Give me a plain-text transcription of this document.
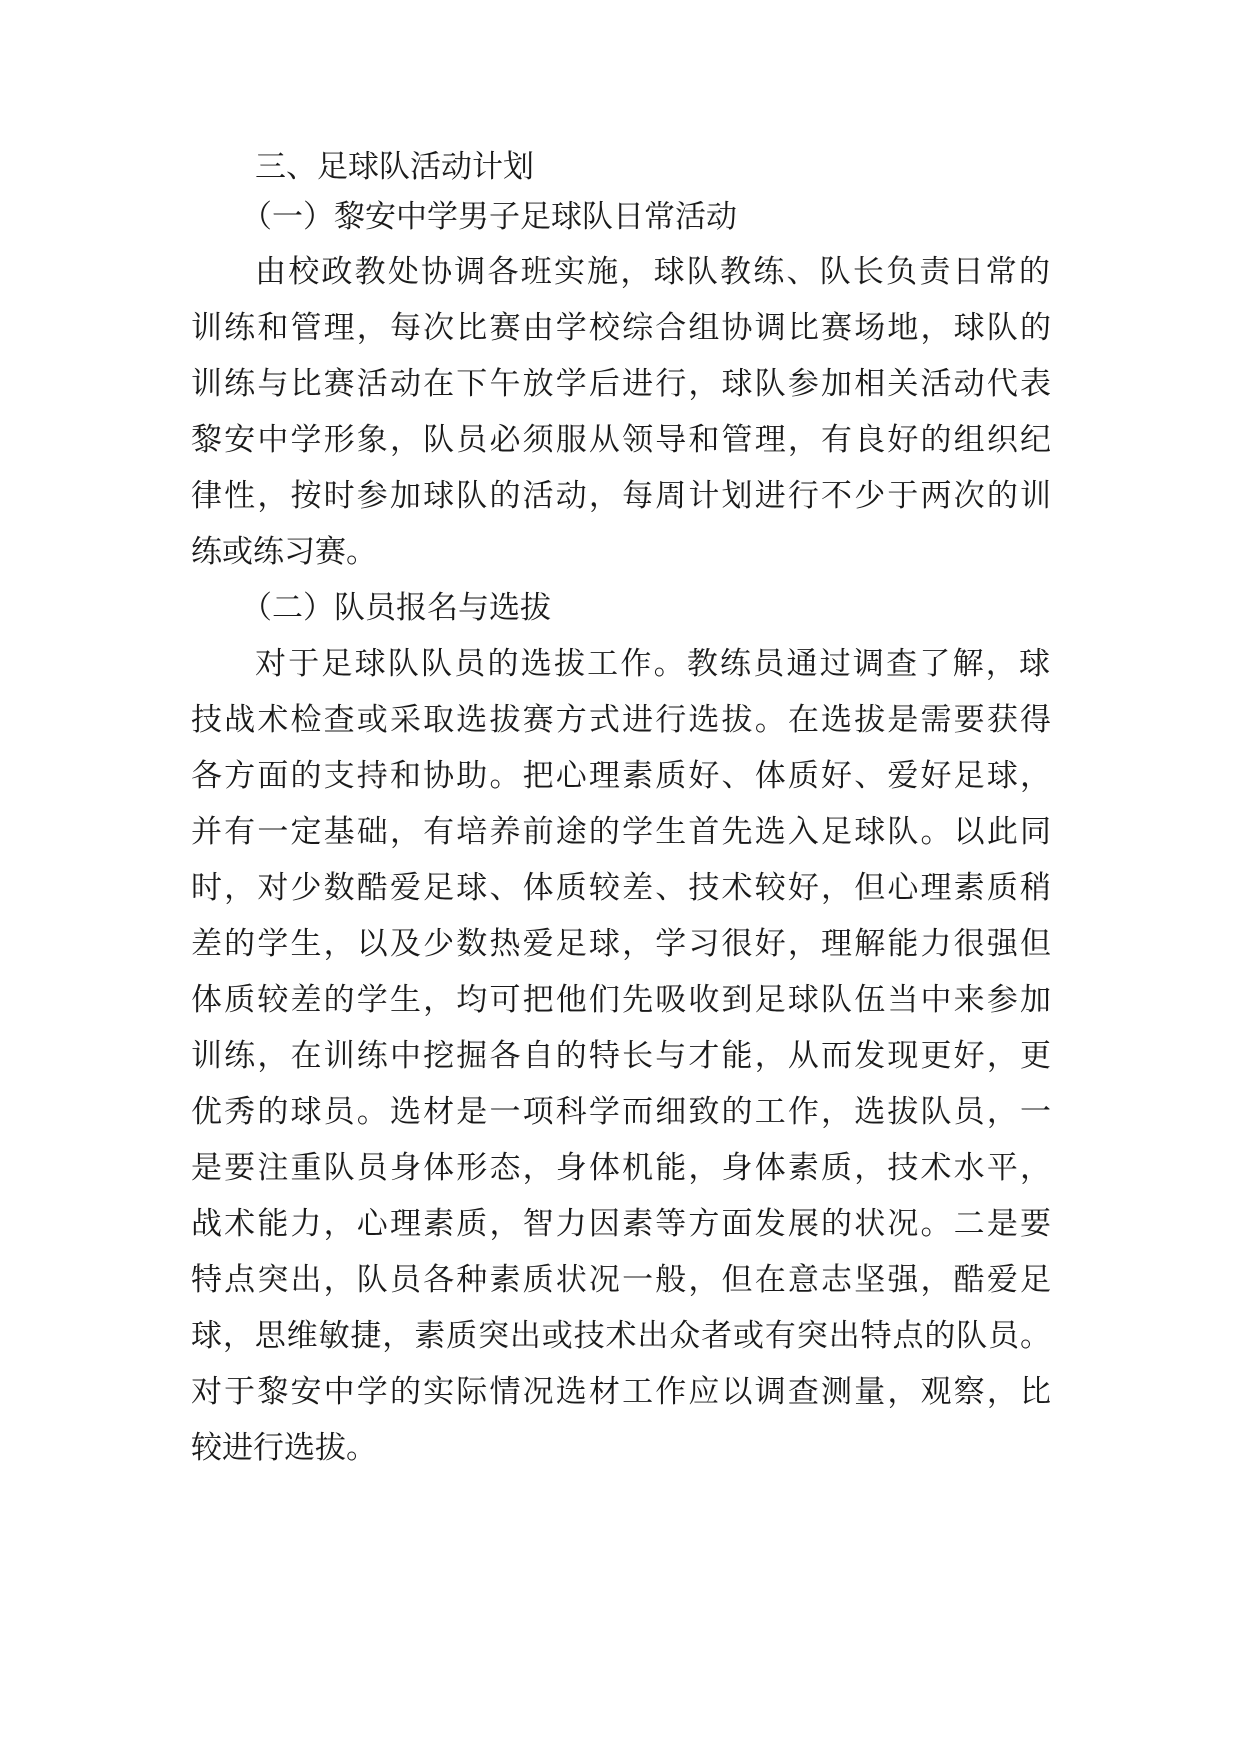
三、足球队活动计划
（一）黎安中学男子足球队日常活动
由校政教处协调各班实施，球队教练、队长负责日常的
训练和管理，每次比赛由学校综合组协调比赛场地，球队的
训练与比赛活动在下午放学后进行，球队参加相关活动代表
黎安中学形象，队员必须服从领导和管理，有良好的组织纪
律性，按时参加球队的活动，每周计划进行不少于两次的训
练或练习赛。
（二）队员报名与选拔
对于足球队队员的选拔工作。教练员通过调查了解，球
技战术检查或采取选拔赛方式进行选拔。在选拔是需要获得
各方面的支持和协助。把心理素质好、体质好、爱好足球，
并有一定基础，有培养前途的学生首先选入足球队。以此同
时，对少数酷爱足球、体质较差、技术较好，但心理素质稍
差的学生，以及少数热爱足球，学习很好，理解能力很强但
体质较差的学生，均可把他们先吸收到足球队伍当中来参加
训练，在训练中挖掘各自的特长与才能，从而发现更好，更
优秀的球员。选材是一项科学而细致的工作，选拔队员，一
是要注重队员身体形态，身体机能，身体素质，技术水平，
战术能力，心理素质，智力因素等方面发展的状况。二是要
特点突出，队员各种素质状况一般，但在意志坚强，酷爱足
球，思维敏捷，素质突出或技术出众者或有突出特点的队员。
对于黎安中学的实际情况选材工作应以调查测量，观察，比
较进行选拔。
